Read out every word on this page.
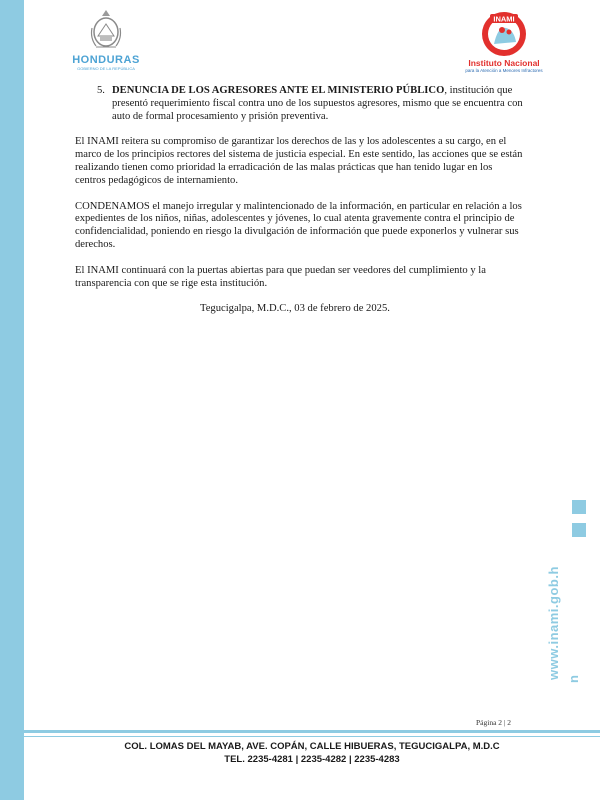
HONDURAS
GOBIERNO DE LA REPÚBLICA
INAMI
Instituto Nacional
para la Atención a Menores Infractores
5. DENUNCIA DE LOS AGRESORES ANTE EL MINISTERIO PÚBLICO, institución que presentó requerimiento fiscal contra uno de los supuestos agresores, mismo que se encuentra con auto de formal procesamiento y prisión preventiva.

El INAMI reitera su compromiso de garantizar los derechos de las y los adolescentes a su cargo, en el marco de los principios rectores del sistema de justicia especial. En este sentido, las acciones que se están realizando tienen como prioridad la erradicación de las malas prácticas que han tenido lugar en los centros pedagógicos de internamiento.

CONDENAMOS el manejo irregular y malintencionado de la información, en particular en relación a los expedientes de los niños, niñas, adolescentes y jóvenes, lo cual atenta gravemente contra el principio de confidencialidad, poniendo en riesgo la divulgación de información que puede exponerlos y vulnerar sus derechos.

El INAMI continuará con la puertas abiertas para que puedan ser veedores del cumplimiento y la transparencia con que se rige esta institución.

Tegucigalpa, M.D.C., 03 de febrero de 2025.

www.inami.gob.h n
Página 2 | 2
COL. LOMAS DEL MAYAB, AVE. COPÁN, CALLE HIBUERAS, TEGUCIGALPA, M.D.C
TEL. 2235-4281 | 2235-4282 | 2235-4283
